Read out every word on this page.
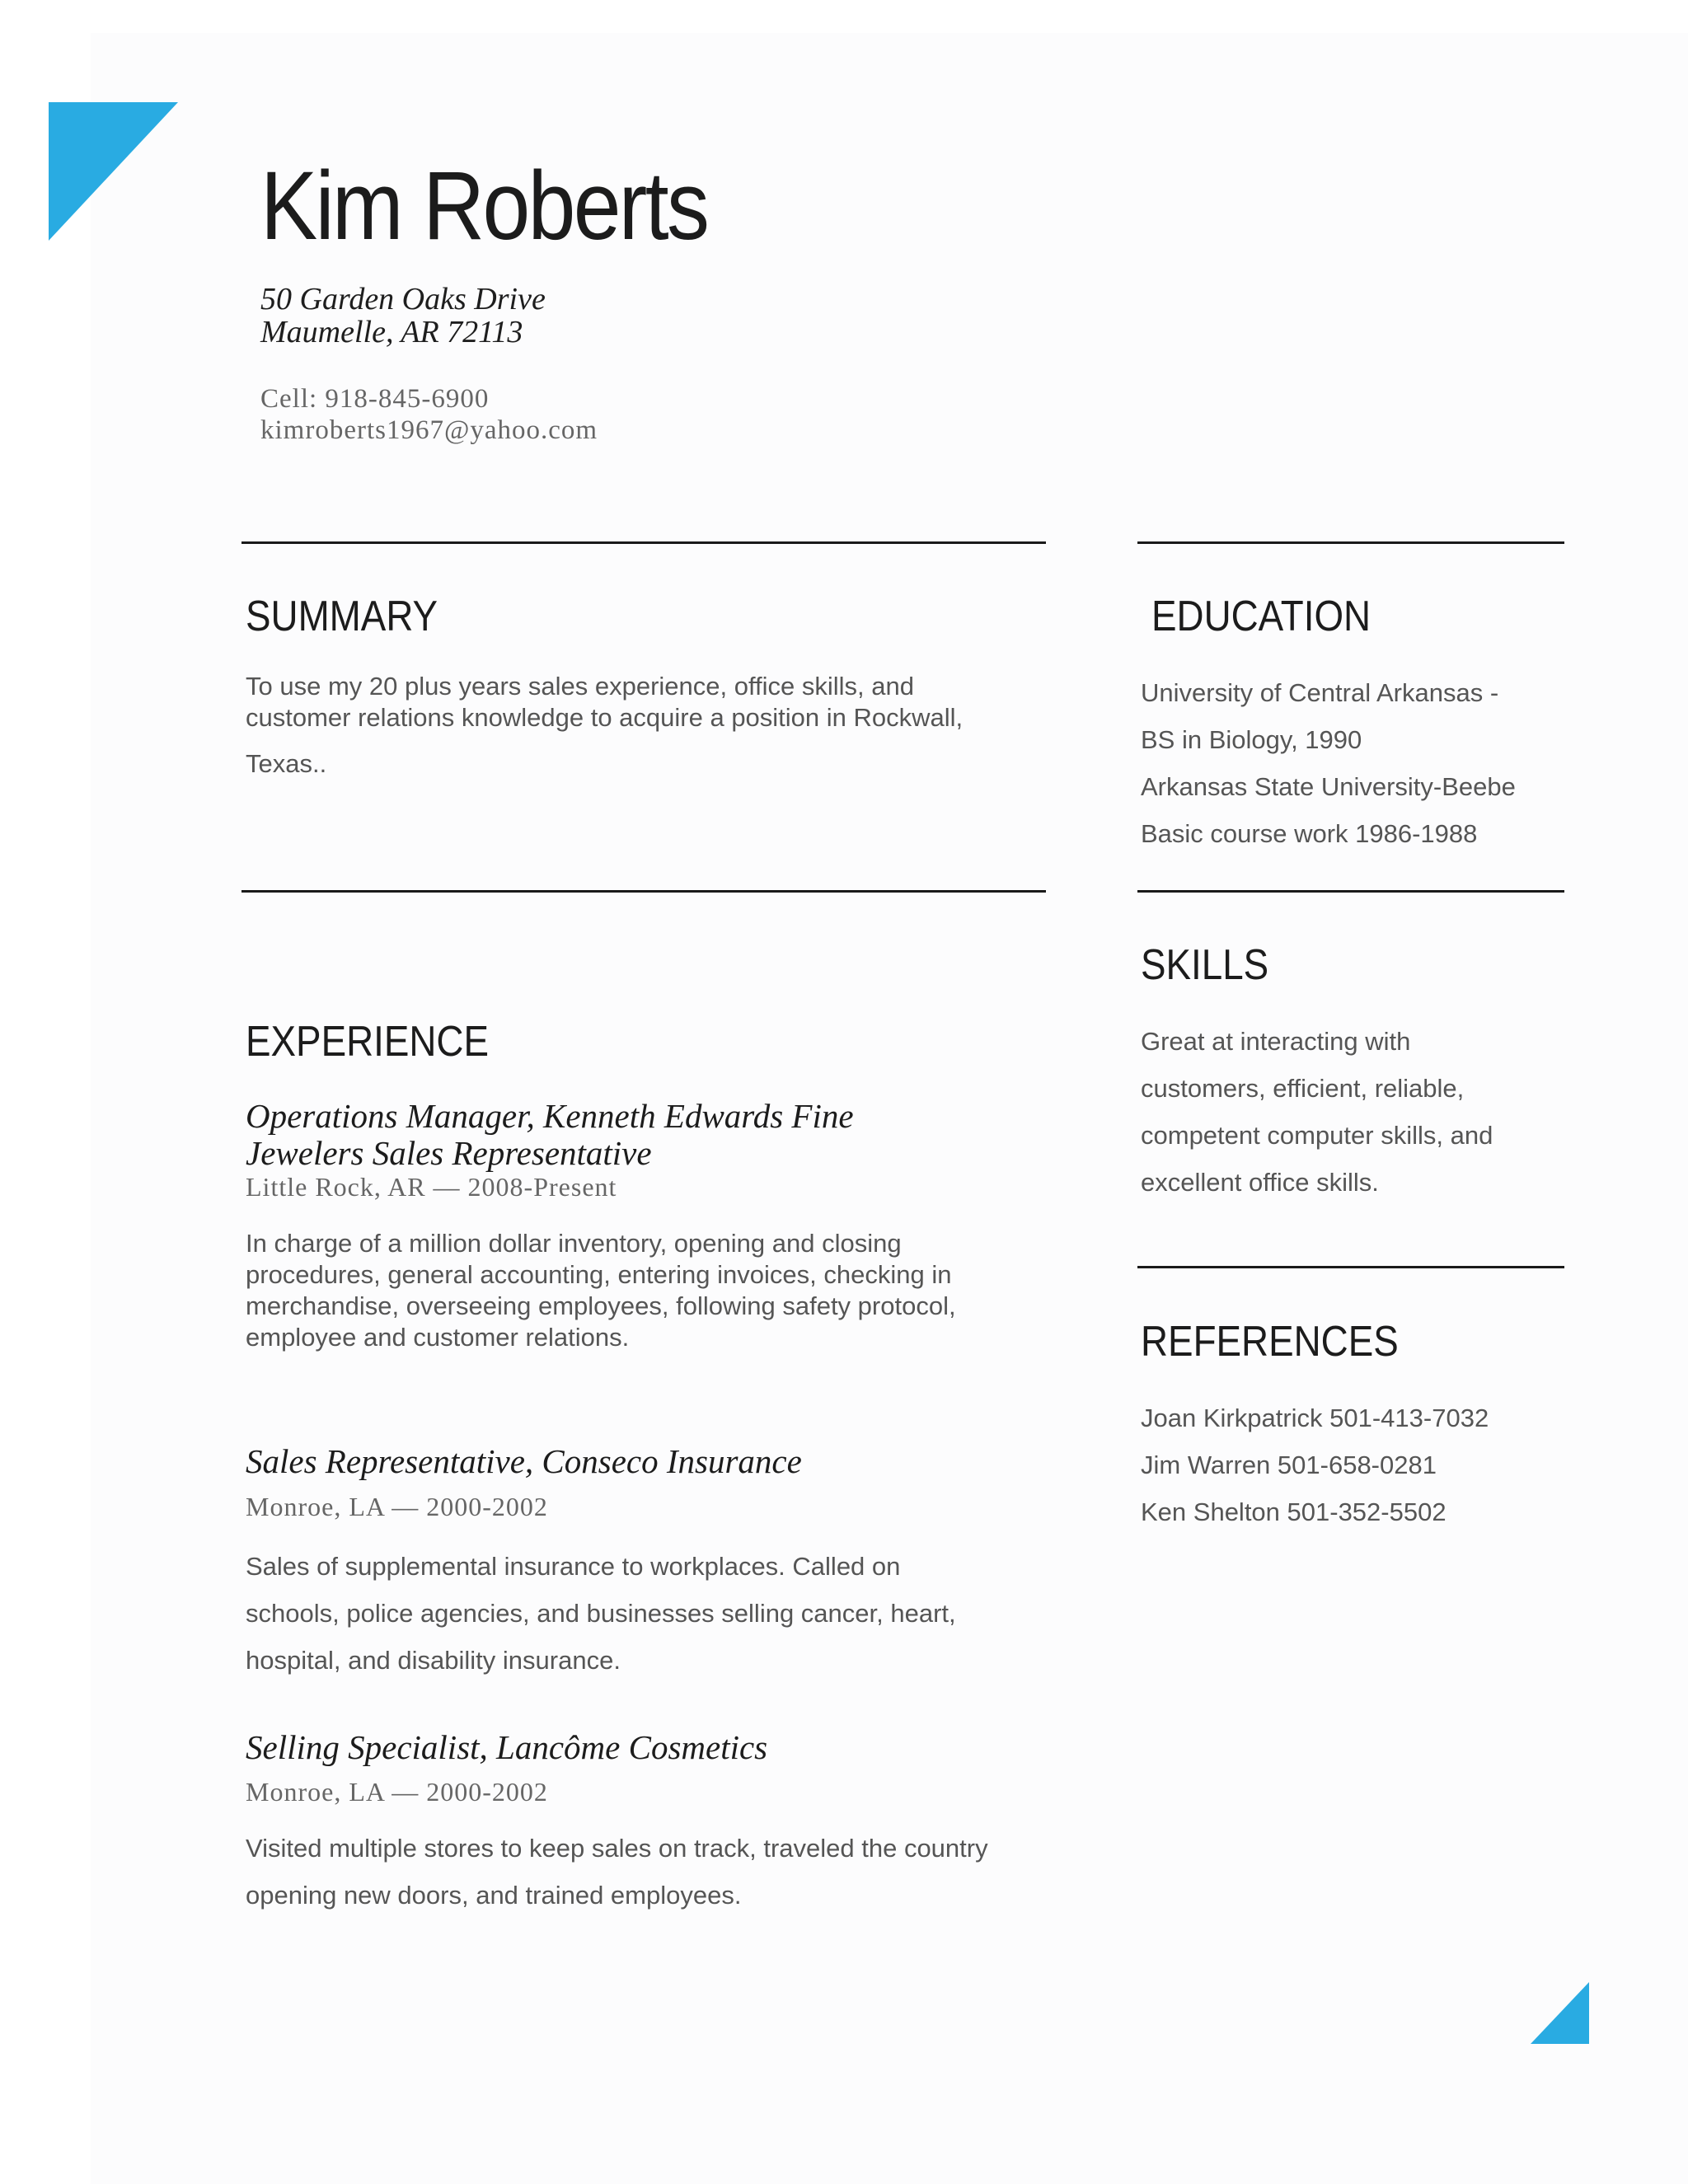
Kim Roberts
50 Garden Oaks Drive
Maumelle, AR 72113
Cell: 918-845-6900
kimroberts1967@yahoo.com
SUMMARY
To use my 20 plus years sales experience, office skills, and
customer relations knowledge to acquire a position in Rockwall,
Texas..
EDUCATION
University of Central Arkansas -
BS in Biology, 1990
Arkansas State University-Beebe
Basic course work 1986-1988
SKILLS
Great at interacting with
customers, efficient, reliable,
competent computer skills, and
excellent office skills.
REFERENCES
Joan Kirkpatrick 501-413-7032
Jim Warren 501-658-0281
Ken Shelton 501-352-5502
EXPERIENCE
Operations Manager, Kenneth Edwards Fine
Jewelers Sales Representative
Little Rock, AR — 2008-Present
In charge of a million dollar inventory, opening and closing
procedures, general accounting, entering invoices, checking in
merchandise, overseeing employees, following safety protocol,
employee and customer relations.
Sales Representative, Conseco Insurance
Monroe, LA — 2000-2002
Sales of supplemental insurance to workplaces. Called on
schools, police agencies, and businesses selling cancer, heart,
hospital, and disability insurance.
Selling Specialist, Lancôme Cosmetics
Monroe, LA — 2000-2002
Visited multiple stores to keep sales on track, traveled the country
opening new doors, and trained employees.
